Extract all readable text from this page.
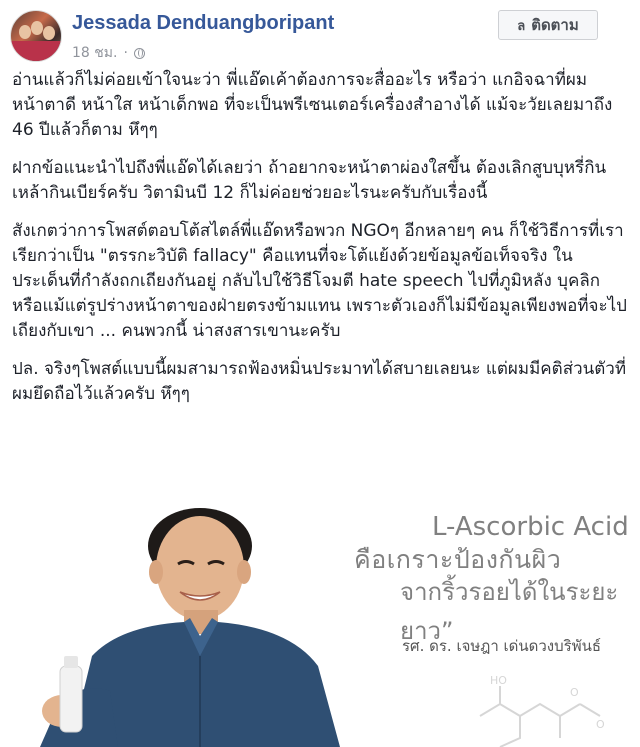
Jessada Denduangboripant
18 ชม. ·
ล ติดตาม

อ่านแล้วก็ไม่ค่อยเข้าใจนะว่า พี่แอ๊ดเค้าต้องการจะสื่ออะไร หรือว่า แกอิจฉาที่ผมหน้าตาดี หน้าใส หน้าเด็กพอ ที่จะเป็นพรีเซนเตอร์เครื่องสำอางได้ แม้จะวัยเลยมาถึง 46 ปีแล้วก็ตาม หึๆๆ

ฝากข้อแนะนำไปถึงพี่แอ๊ดได้เลยว่า ถ้าอยากจะหน้าตาผ่องใสขึ้น ต้องเลิกสูบบุหรี่กินเหล้ากินเบียร์ครับ วิตามินบี 12 ก็ไม่ค่อยช่วยอะไรนะครับกับเรื่องนี้

สังเกตว่าการโพสต์ตอบโต้สไตล์พี่แอ๊ดหรือพวก NGOๆ อีกหลายๆ คน ก็ใช้วิธีการที่เราเรียกว่าเป็น "ตรรกะวิบัติ fallacy" คือแทนที่จะโต้แย้งด้วยข้อมูลข้อเท็จจริง ในประเด็นที่กำลังถกเถียงกันอยู่ กลับไปใช้วิธีโจมตี hate speech ไปที่ภูมิหลัง บุคลิก หรือแม้แต่รูปร่างหน้าตาของฝ่ายตรงข้ามแทน เพราะตัวเองก็ไม่มีข้อมูลเพียงพอที่จะไปเถียงกับเขา ... คนพวกนี้ น่าสงสารเขานะครับ

ปล. จริงๆโพสต์แบบนี้ผมสามารถฟ้องหมิ่นประมาทได้สบายเลยนะ แต่ผมมีคติส่วนตัวที่ผมยึดถือไว้แล้วครับ หึๆๆ

L-Ascorbic Acid
คือเกราะป้องกันผิว
จากริ้วรอยได้ในระยะยาว”
รศ. ดร. เจษฎา เด่นดวงบริพันธ์
HO
O
O
